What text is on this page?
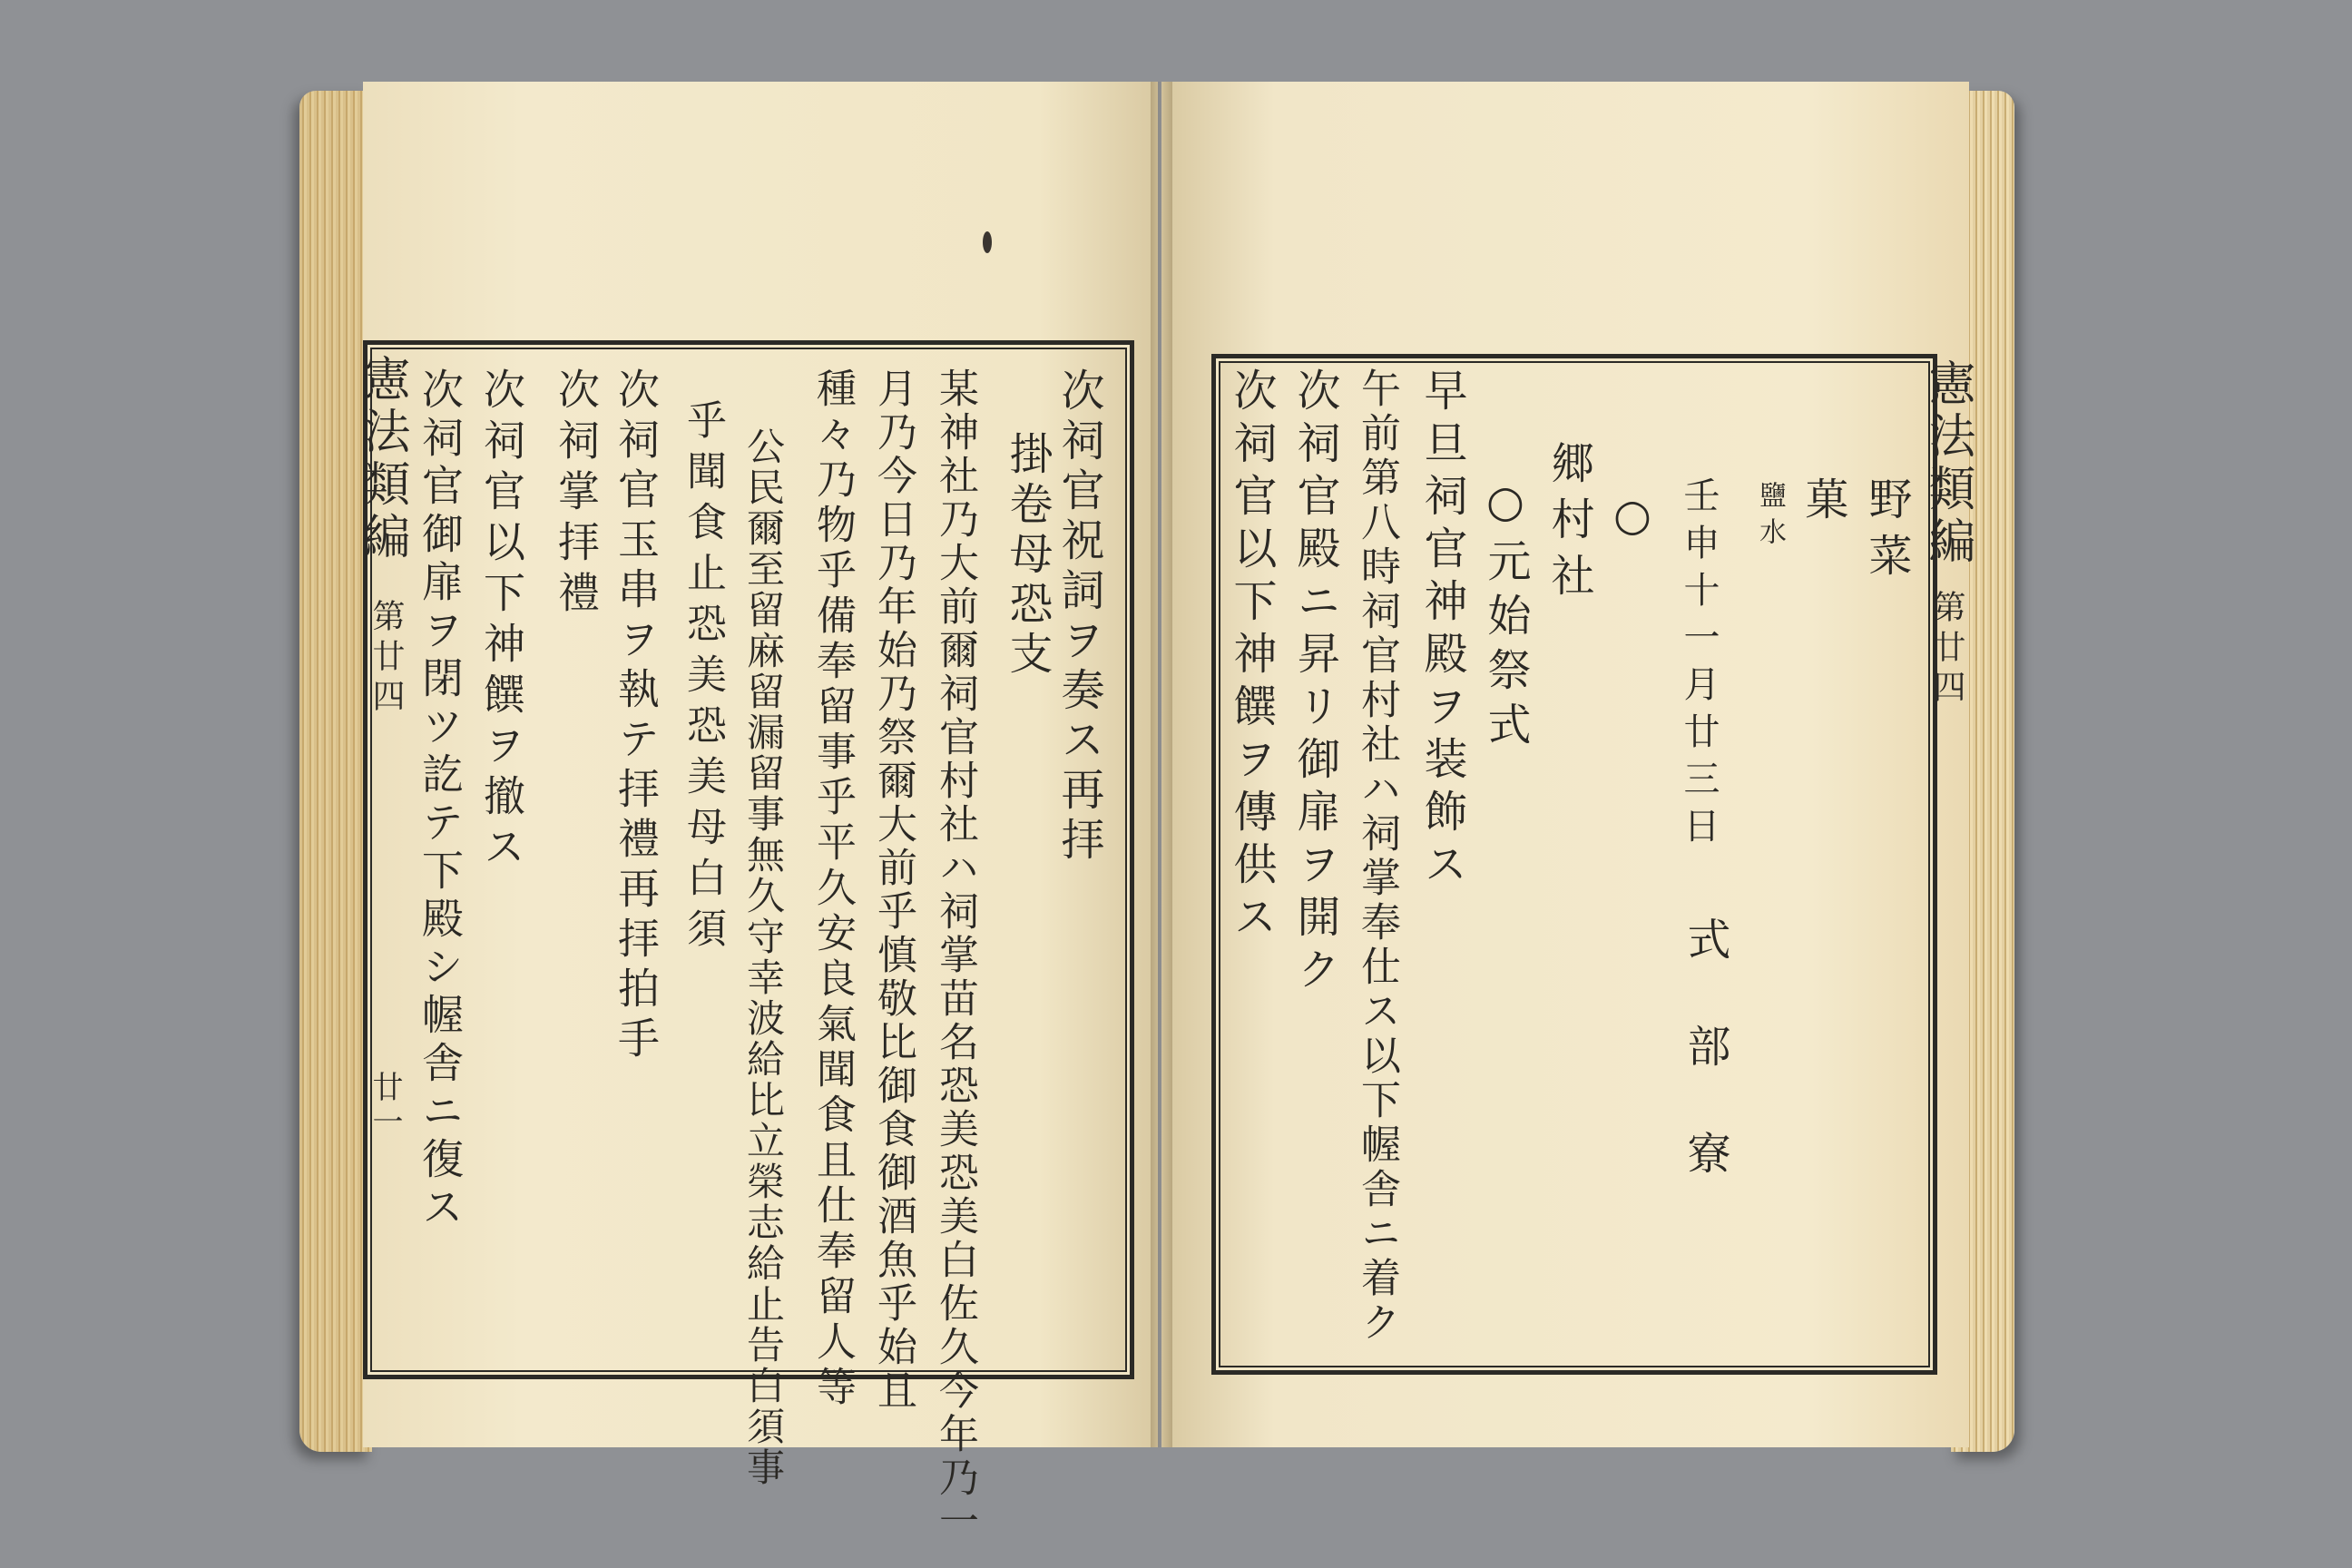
憲法類編
第廿四
廿一
次祠官祝詞ヲ奏ス再拝
掛卷母恐支
某神社乃大前爾祠官村社ハ祠掌苗名恐美恐美白佐久今年乃一
月乃今日乃年始乃祭爾大前乎慎敬比御食御酒魚乎始且
種々乃物乎備奉留事乎平久安良氣聞食且仕奉留人等
公民爾至留麻留漏留事無久守幸波給比立榮志給止告白須事
乎聞食止恐美恐美母白須
次祠官玉串ヲ執テ拝禮再拝拍手
次祠掌拝禮
次祠官以下神饌ヲ撤ス
次祠官御扉ヲ閉ツ訖テ下殿シ幄舎ニ復ス	憲法類編
第廿四
野菜
菓
鹽水
壬申十一月廿三日
○
郷村社
○元始祭式
早旦祠官神殿ヲ装飾ス
午前第八時祠官村社ハ祠掌奉仕ス以下幄舎ニ着ク
次祠官殿ニ昇リ御扉ヲ開ク
次祠官以下神饌ヲ傳供ス
式部寮
